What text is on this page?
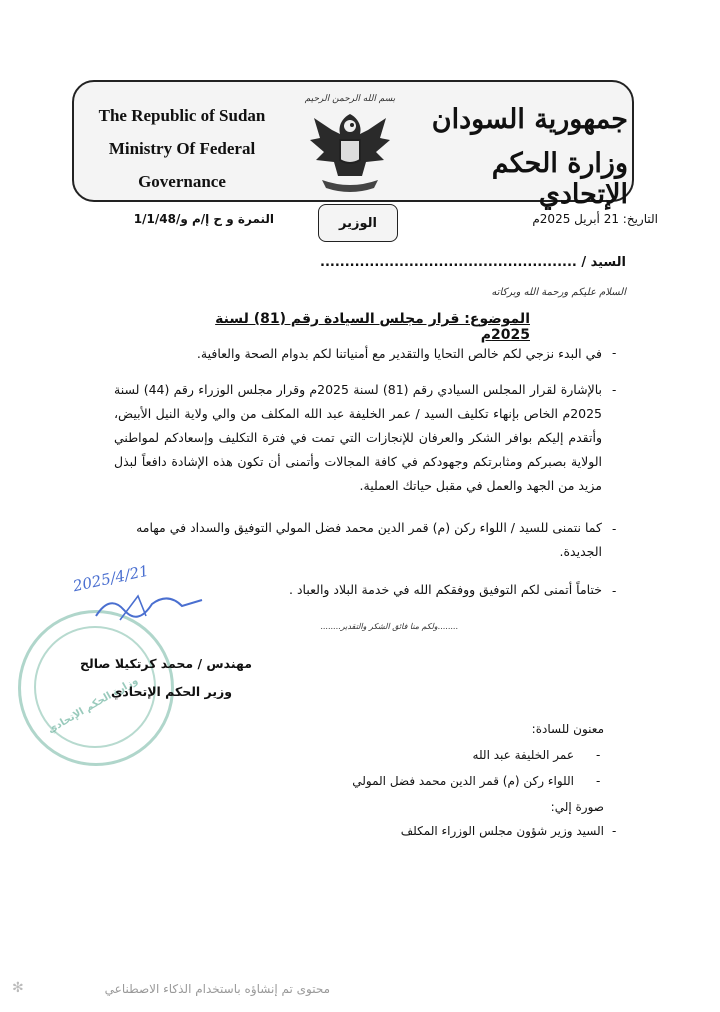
The Republic of Sudan
Ministry Of Federal
Governance
جمهورية السودان
وزارة الحكم الإتحادي
بسم الله الرحمن الرحيم
التاريخ: 21 أبريل 2025م
الوزير
النمرة و ح إ/م و/1/1/48
السيد / ....................................................
السلام عليكم ورحمة الله وبركاته
الموضوع: قرار مجلس السيادة رقم (81) لسنة 2025م
-
في البدء نزجي لكم خالص التحايا والتقدير مع أمنياتنا لكم بدوام الصحة والعافية.
-
بالإشارة لقرار المجلس السيادي رقم (81) لسنة 2025م وقرار مجلس الوزراء رقم (44) لسنة 2025م الخاص بإنهاء تكليف السيد / عمر الخليفة عبد الله المكلف من والي ولاية النيل الأبيض، وأتقدم إليكم بوافر الشكر والعرفان للإنجازات التي تمت في فترة التكليف وإسعادكم لمواطني الولاية بصبركم ومثابرتكم وجهودكم في كافة المجالات وأتمنى أن تكون هذه الإشادة دافعاً لبذل مزيد من الجهد والعمل في مقبل حياتك العملية.
-
كما نتمنى للسيد / اللواء ركن (م) قمر الدين محمد فضل المولي التوفيق والسداد في مهامه الجديدة.
-
ختاماً أتمنى لكم التوفيق ووفقكم الله في خدمة البلاد والعباد .
........ولكم منا فائق الشكر والتقدير........
وزارة الحكم الإتحادي
2025/4/21
مهندس / محمد كرتكيلا صالح
وزير الحكم الإتحادي
معنون للسادة:
-
عمر الخليفة عبد الله
-
اللواء ركن (م) قمر الدين محمد فضل المولي
صورة إلي:
-
السيد وزير شؤون مجلس الوزراء المكلف
محتوى تم إنشاؤه باستخدام الذكاء الاصطناعي
✻
